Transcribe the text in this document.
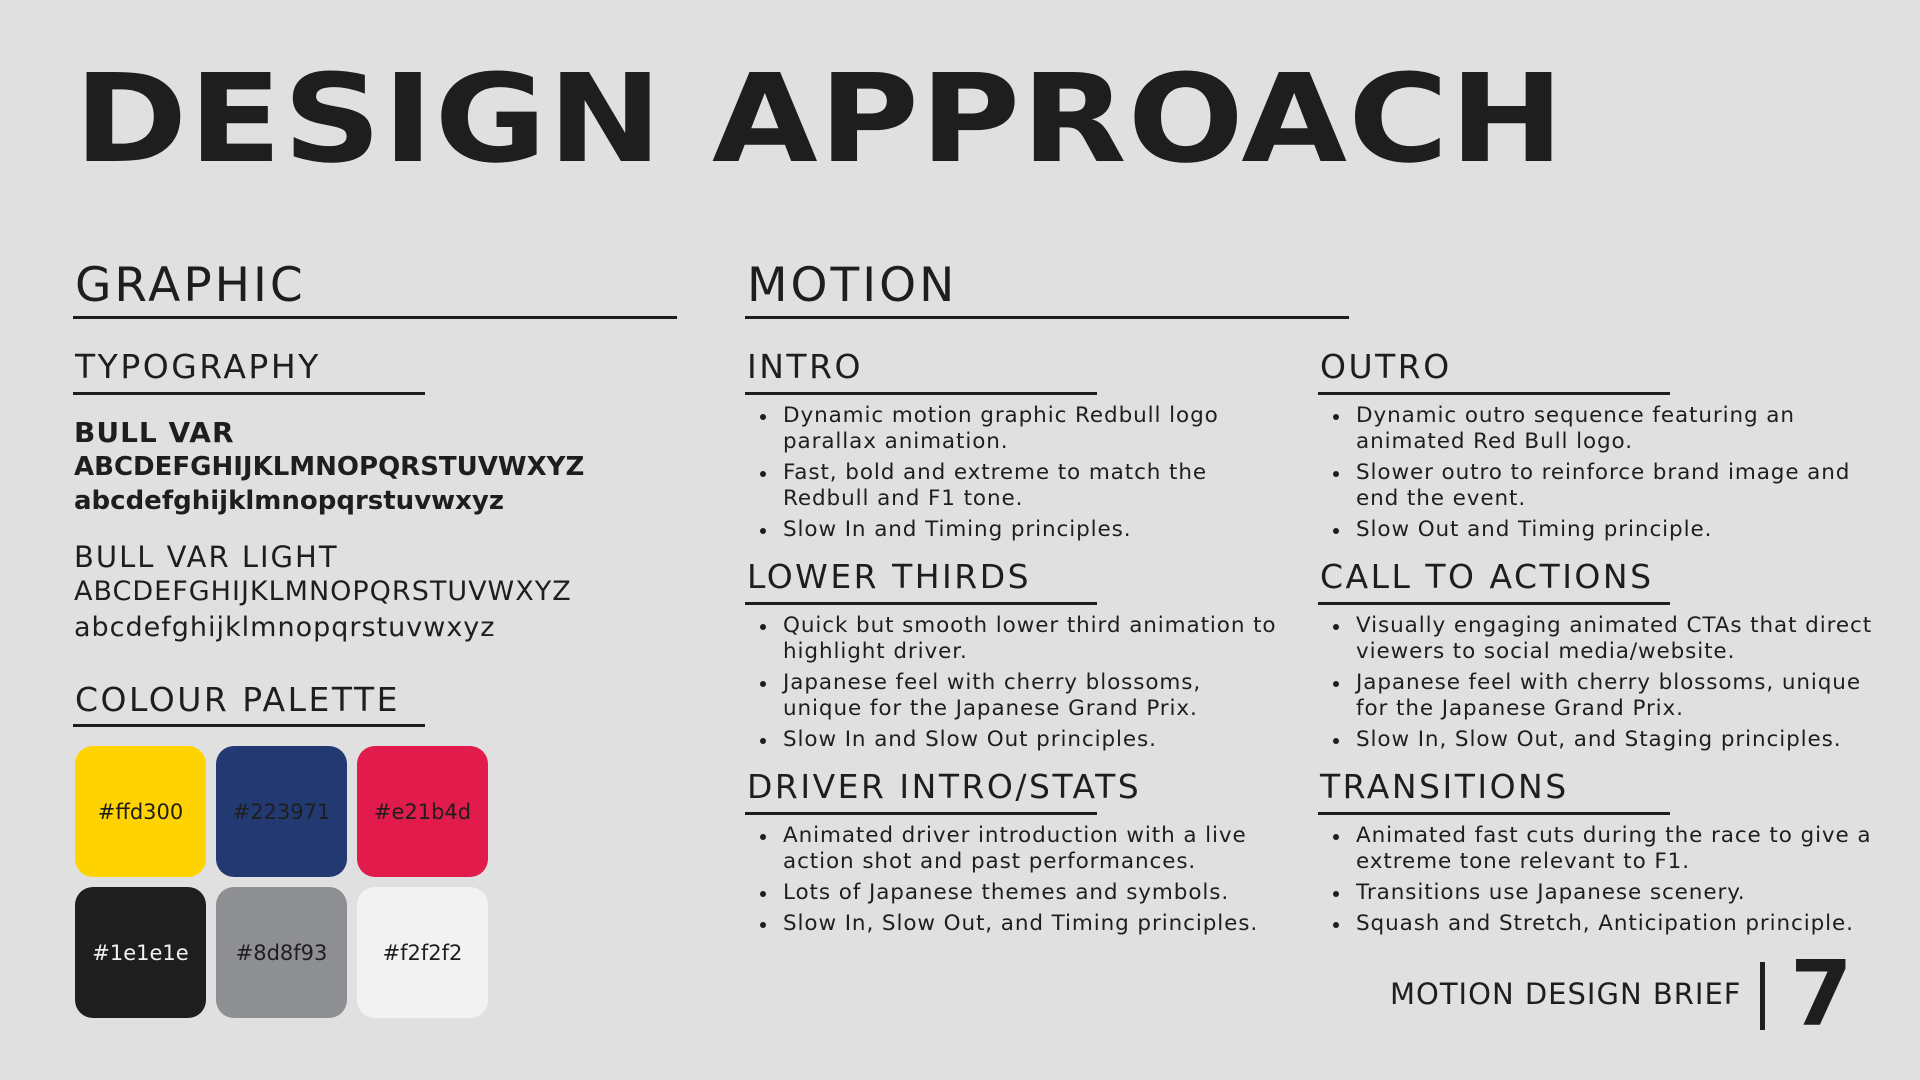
DESIGN APPROACH
GRAPHIC
TYPOGRAPHY
BULL VAR
ABCDEFGHIJKLMNOPQRSTUVWXYZ
abcdefghijklmnopqrstuvwxyz
BULL VAR LIGHT
ABCDEFGHIJKLMNOPQRSTUVWXYZ
abcdefghijklmnopqrstuvwxyz
COLOUR PALETTE
#ffd300 #223971 #e21b4d
#1e1e1e #8d8f93	#f2f2f2
MOTION
INTRO
Dynamic motion graphic Redbull logo parallax animation.
Fast, bold and extreme to match the Redbull and F1 tone.
Slow In and Timing principles.
OUTRO
Dynamic outro sequence featuring an animated Red Bull logo.
Slower outro to reinforce brand image and end the event.
Slow Out and Timing principle.
LOWER THIRDS
Quick but smooth lower third animation to highlight driver.
Japanese feel with cherry blossoms, unique for the Japanese Grand Prix.
Slow In and Slow Out principles.
CALL TO ACTIONS
Visually engaging animated CTAs that direct viewers to social media/website.
Japanese feel with cherry blossoms, unique for the Japanese Grand Prix.
Slow In, Slow Out, and Staging principles.
DRIVER INTRO/STATS
Animated driver introduction with a live action shot and past performances.
Lots of Japanese themes and symbols.
Slow In, Slow Out, and Timing principles.
TRANSITIONS
Animated fast cuts during the race to give a extreme tone relevant to F1.
Transitions use Japanese scenery.
Squash and Stretch, Anticipation principle.
MOTION DESIGN BRIEF 7
